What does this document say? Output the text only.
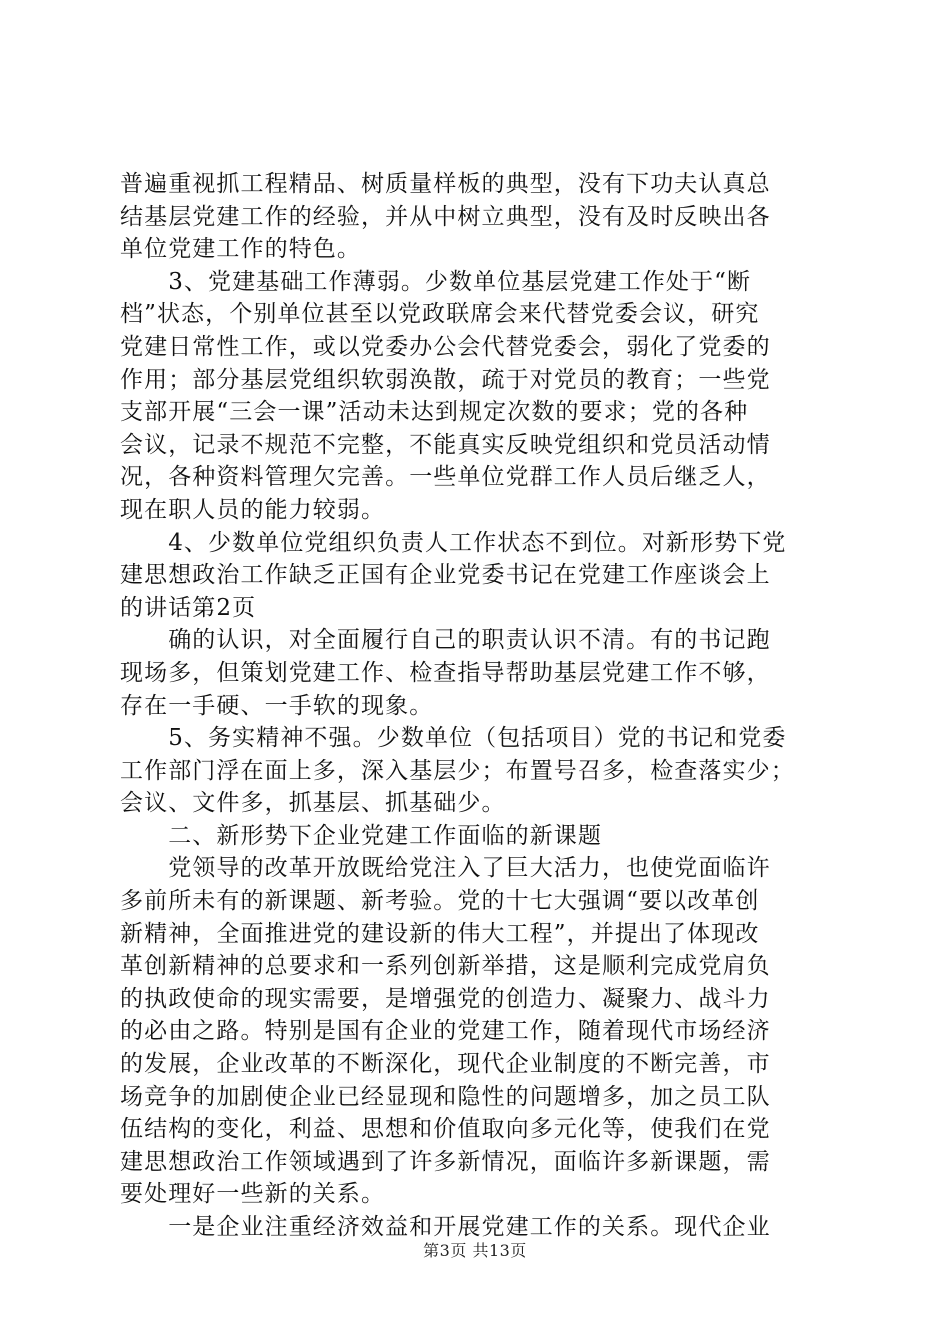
普遍重视抓工程精品、树质量样板的典型，没有下功夫认真总
结基层党建工作的经验，并从中树立典型，没有及时反映出各
单位党建工作的特色。
　　3、党建基础工作薄弱。少数单位基层党建工作处于“断
档”状态，个别单位甚至以党政联席会来代替党委会议，研究
党建日常性工作，或以党委办公会代替党委会，弱化了党委的
作用；部分基层党组织软弱涣散，疏于对党员的教育；一些党
支部开展“三会一课”活动未达到规定次数的要求；党的各种
会议，记录不规范不完整，不能真实反映党组织和党员活动情
况，各种资料管理欠完善。一些单位党群工作人员后继乏人，
现在职人员的能力较弱。
　　4、少数单位党组织负责人工作状态不到位。对新形势下党
建思想政治工作缺乏正国有企业党委书记在党建工作座谈会上
的讲话第2页
　　确的认识，对全面履行自己的职责认识不清。有的书记跑
现场多，但策划党建工作、检查指导帮助基层党建工作不够，
存在一手硬、一手软的现象。
　　5、务实精神不强。少数单位（包括项目）党的书记和党委
工作部门浮在面上多，深入基层少；布置号召多，检查落实少；
会议、文件多，抓基层、抓基础少。
　　二、新形势下企业党建工作面临的新课题
　　党领导的改革开放既给党注入了巨大活力，也使党面临许
多前所未有的新课题、新考验。党的十七大强调“要以改革创
新精神，全面推进党的建设新的伟大工程”，并提出了体现改
革创新精神的总要求和一系列创新举措，这是顺利完成党肩负
的执政使命的现实需要，是增强党的创造力、凝聚力、战斗力
的必由之路。特别是国有企业的党建工作，随着现代市场经济
的发展，企业改革的不断深化，现代企业制度的不断完善，市
场竞争的加剧使企业已经显现和隐性的问题增多，加之员工队
伍结构的变化，利益、思想和价值取向多元化等，使我们在党
建思想政治工作领域遇到了许多新情况，面临许多新课题，需
要处理好一些新的关系。
　　一是企业注重经济效益和开展党建工作的关系。现代企业
第3页 共13页
